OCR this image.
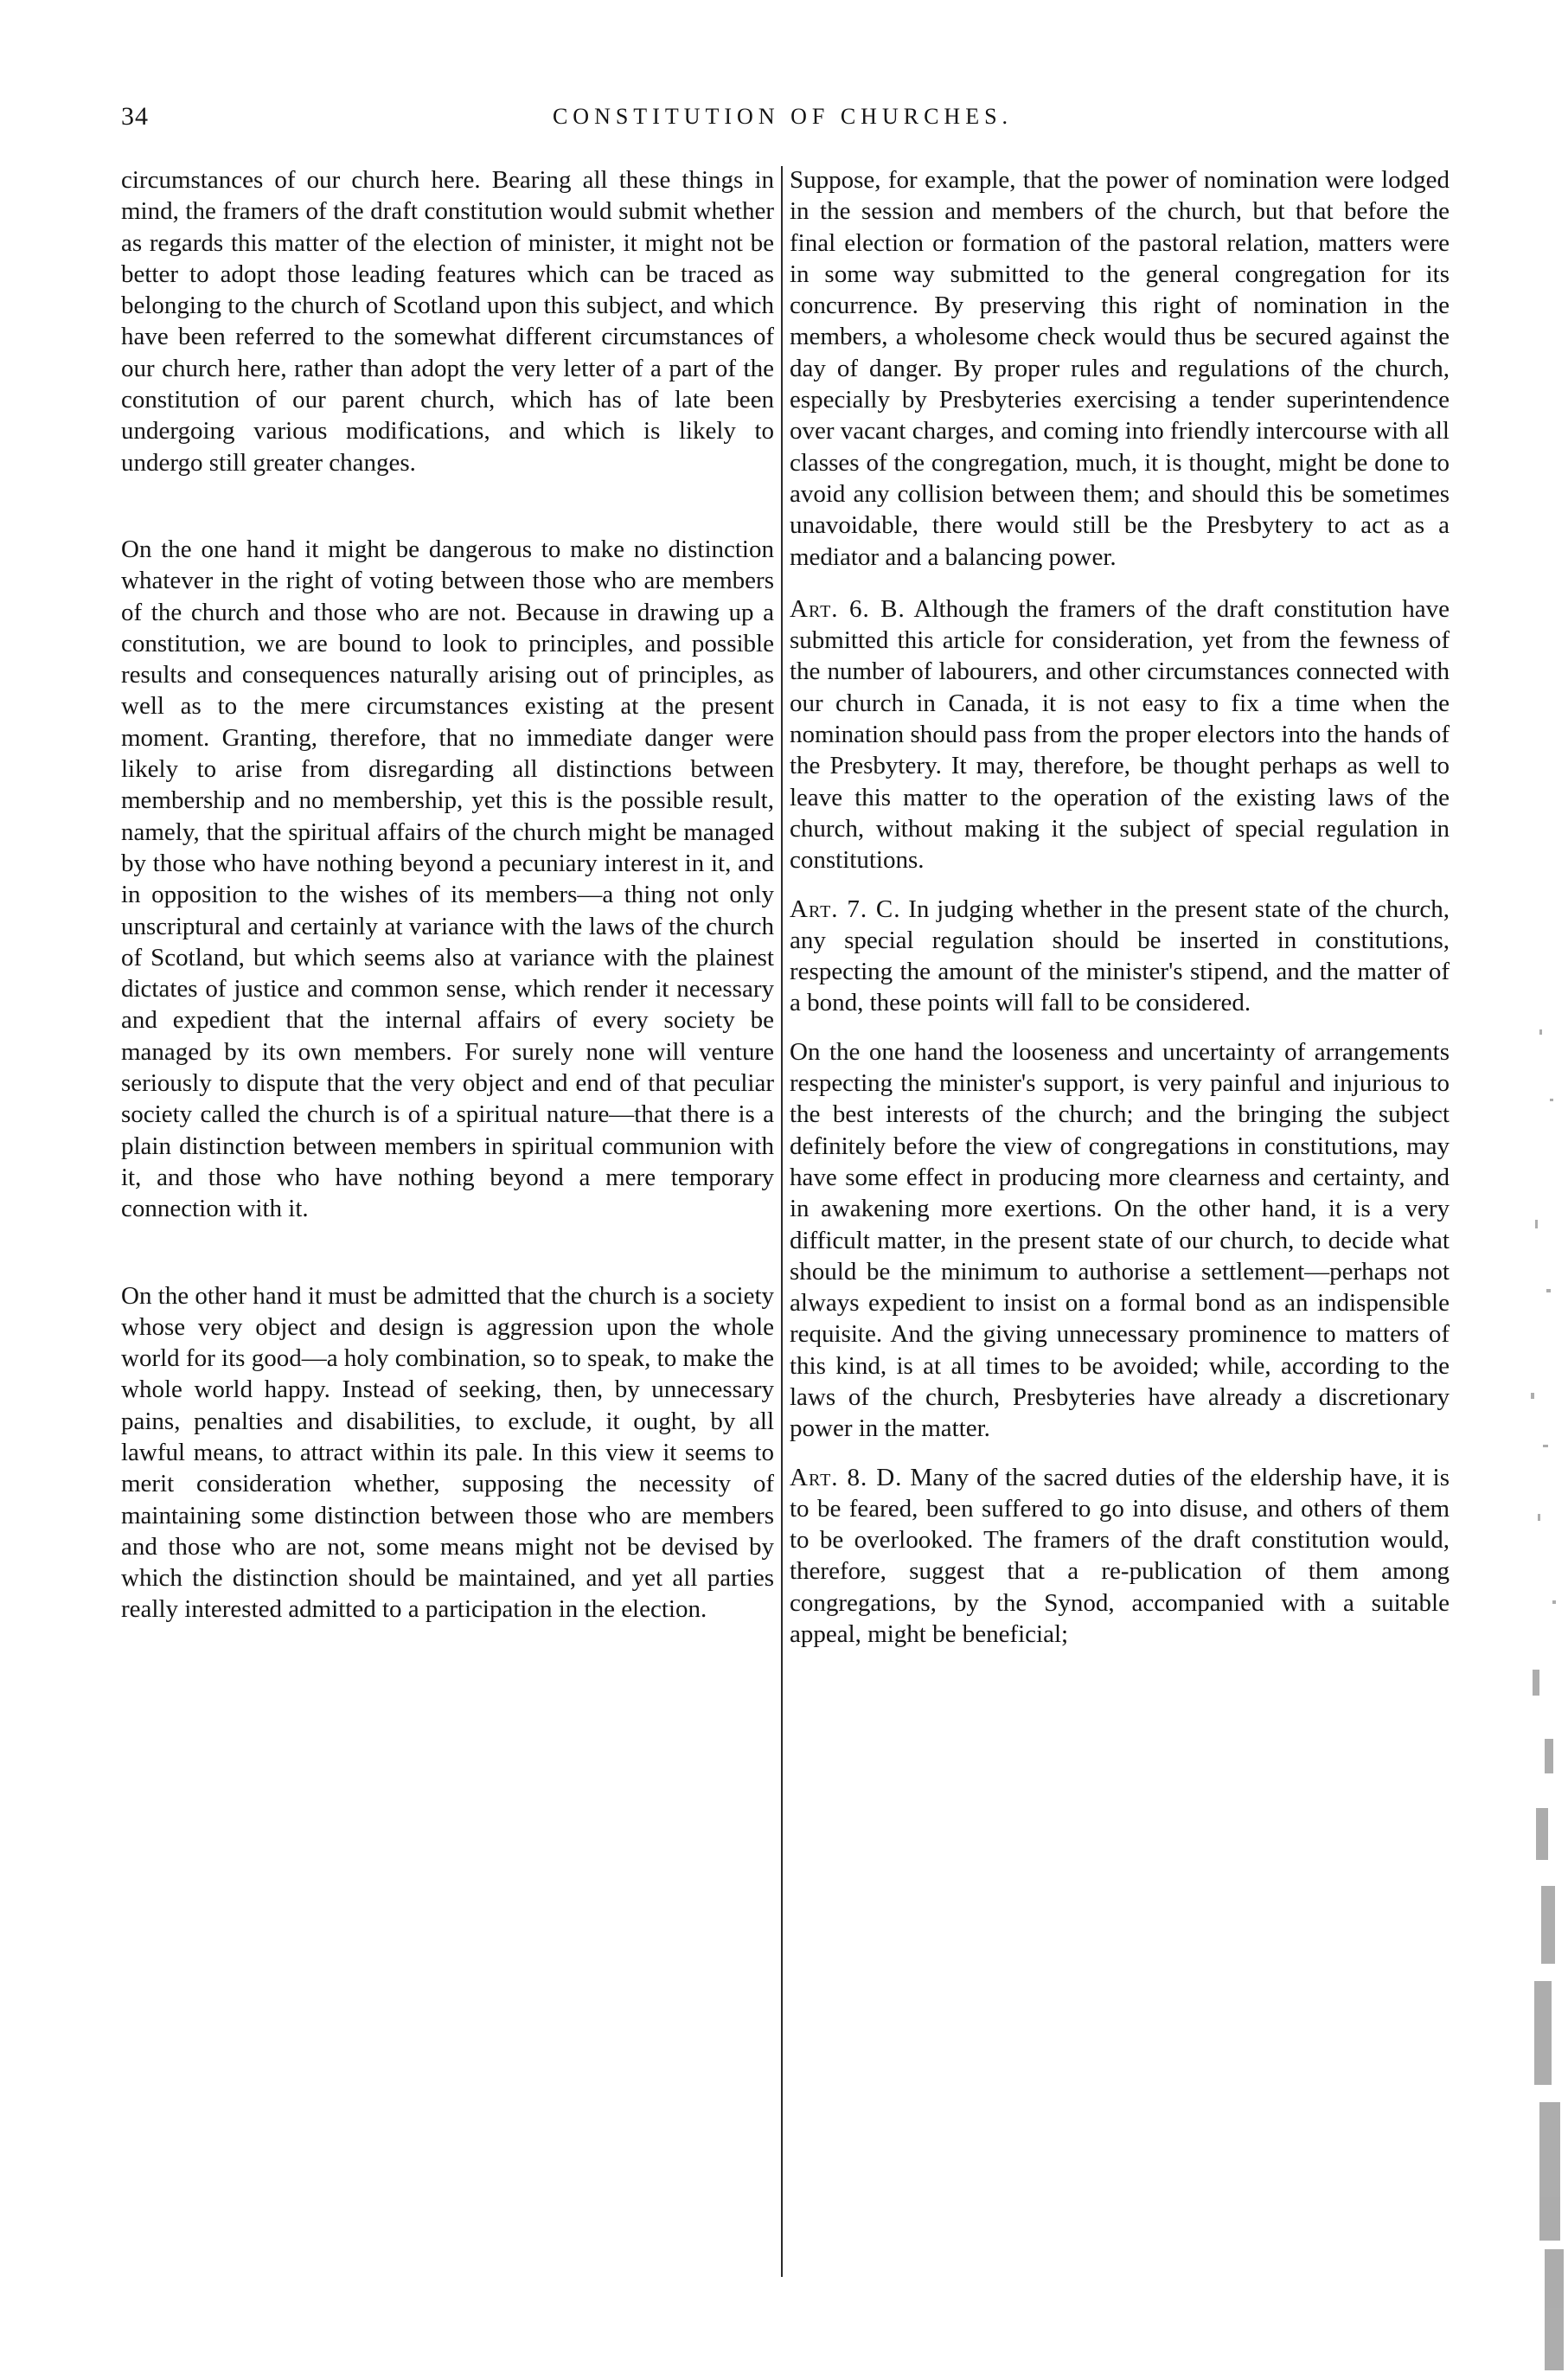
34	CONSTITUTION OF CHURCHES.

circumstances of our church here. Bearing all these things in mind, the framers of the draft constitution would submit whether as regards this matter of the election of minister, it might not be better to adopt those leading features which can be traced as belonging to the church of Scotland upon this subject, and which have been referred to the somewhat different circumstances of our church here, rather than adopt the very letter of a part of the constitution of our parent church, which has of late been undergoing various modifications, and which is likely to undergo still greater changes.

On the one hand it might be dangerous to make no distinction whatever in the right of voting between those who are members of the church and those who are not. Because in drawing up a constitution, we are bound to look to principles, and possible results and consequences naturally arising out of principles, as well as to the mere circumstances existing at the present moment. Granting, therefore, that no immediate danger were likely to arise from disregarding all distinctions between membership and no membership, yet this is the possible result, namely, that the spiritual affairs of the church might be managed by those who have nothing beyond a pecuniary interest in it, and in opposition to the wishes of its members—a thing not only unscriptural and certainly at variance with the laws of the church of Scotland, but which seems also at variance with the plainest dictates of justice and common sense, which render it necessary and expedient that the internal affairs of every society be managed by its own members. For surely none will venture seriously to dispute that the very object and end of that peculiar society called the church is of a spiritual nature—that there is a plain distinction between members in spiritual communion with it, and those who have nothing beyond a mere temporary connection with it.

On the other hand it must be admitted that the church is a society whose very object and design is aggression upon the whole world for its good—a holy combination, so to speak, to make the whole world happy. Instead of seeking, then, by unnecessary pains, penalties and disabilities, to exclude, it ought, by all lawful means, to attract within its pale. In this view it seems to merit consideration whether, supposing the necessity of maintaining some distinction between those who are members and those who are not, some means might not be devised by which the distinction should be maintained, and yet all parties really interested admitted to a participation in the election.

Suppose, for example, that the power of nomination were lodged in the session and members of the church, but that before the final election or formation of the pastoral relation, matters were in some way submitted to the general congregation for its concurrence. By preserving this right of nomination in the members, a wholesome check would thus be secured against the day of danger. By proper rules and regulations of the church, especially by Presbyteries exercising a tender superintendence over vacant charges, and coming into friendly intercourse with all classes of the congregation, much, it is thought, might be done to avoid any collision between them; and should this be sometimes unavoidable, there would still be the Presbytery to act as a mediator and a balancing power.

Art. 6. B. Although the framers of the draft constitution have submitted this article for consideration, yet from the fewness of the number of labourers, and other circumstances connected with our church in Canada, it is not easy to fix a time when the nomination should pass from the proper electors into the hands of the Presbytery. It may, therefore, be thought perhaps as well to leave this matter to the operation of the existing laws of the church, without making it the subject of special regulation in constitutions.

Art. 7. C. In judging whether in the present state of the church, any special regulation should be inserted in constitutions, respecting the amount of the minister's stipend, and the matter of a bond, these points will fall to be considered.

On the one hand the looseness and uncertainty of arrangements respecting the minister's support, is very painful and injurious to the best interests of the church; and the bringing the subject definitely before the view of congregations in constitutions, may have some effect in producing more clearness and certainty, and in awakening more exertions. On the other hand, it is a very difficult matter, in the present state of our church, to decide what should be the minimum to authorise a settlement—perhaps not always expedient to insist on a formal bond as an indispensible requisite. And the giving unnecessary prominence to matters of this kind, is at all times to be avoided; while, according to the laws of the church, Presbyteries have already a discretionary power in the matter.

Art. 8. D. Many of the sacred duties of the eldership have, it is to be feared, been suffered to go into disuse, and others of them to be overlooked. The framers of the draft constitution would, therefore, suggest that a re-publication of them among congregations, by the Synod, accompanied with a suitable appeal, might be beneficial;
